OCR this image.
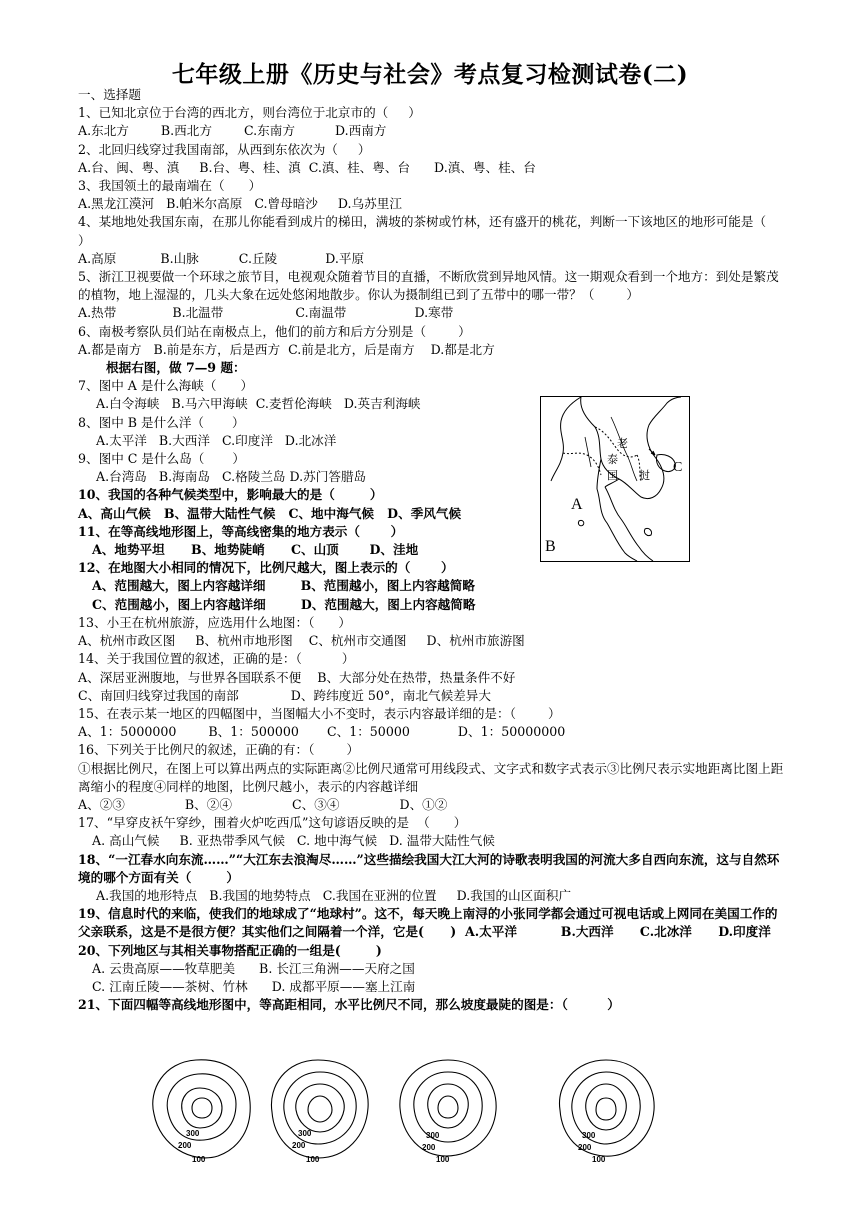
七年级上册《历史与社会》考点复习检测试卷(二)

一、选择题

1、已知北京位于台湾的西北方，则台湾位于北京市的（     ）

A.东北方        B.西北方        C.东南方          D.西南方

2、北回归线穿过我国南部，从西到东依次为（     ）

A.台、闽、粤、滇     B.台、粤、桂、滇  C.滇、桂、粤、台      D.滇、粤、桂、台

3、我国领土的最南端在（      ）

A.黑龙江漠河   B.帕米尔高原   C.曾母暗沙     D.乌苏里江

4、某地地处我国东南，在那儿你能看到成片的梯田，满坡的茶树或竹林，还有盛开的桃花，判断一下该地区的地形可能是（     ）

A.高原           B.山脉          C.丘陵            D.平原

5、浙江卫视要做一个环球之旅节目，电视观众随着节目的直播，不断欣赏到异地风情。这一期观众看到一个地方：到处是繁茂的植物，地上湿湿的，几头大象在远处悠闲地散步。你认为摄制组已到了五带中的哪一带？（        ）

A.热带              B.北温带                  C.南温带                 D.寒带

6、南极考察队员们站在南极点上，他们的前方和后方分别是（        ）

A.都是南方   B.前是东方，后是西方  C.前是北方，后是南方    D.都是北方

根据右图，做 7—9 题：

7、图中 A 是什么海峡（      ）

A.白令海峡   B.马六甲海峡  C.麦哲伦海峡   D.英吉利海峡

8、图中 B 是什么洋（       ）

A.太平洋   B.大西洋   C.印度洋   D.北冰洋

9、图中 C 是什么岛（       ）

A.台湾岛   B.海南岛   C.格陵兰岛 D.苏门答腊岛

10、我国的各种气候类型中，影响最大的是（        ）

A、高山气候   B、温带大陆性气候   C、地中海气候   D、季风气候

11、在等高线地形图上，等高线密集的地方表示（       ）

A、地势平坦      B、地势陡峭      C、山顶       D、洼地

12、在地图大小相同的情况下，比例尺越大，图上表示的（       ）

A、范围越大，图上内容越详细        B、范围越小，图上内容越简略

C、范围越小，图上内容越详细        D、范围越大，图上内容越简略

13、小王在杭州旅游，应选用什么地图：（      ）

A、杭州市政区图     B、杭州市地形图    C、杭州市交通图     D、杭州市旅游图

14、关于我国位置的叙述，正确的是：（          ）

A、深居亚洲腹地，与世界各国联系不便    B、大部分处在热带，热量条件不好

C、南回归线穿过我国的南部             D、跨纬度近 50°，南北气候差异大

15、在表示某一地区的四幅图中，当图幅大小不变时，表示内容最详细的是：（        ）

A、1：5000000        B、1：500000       C、1：50000            D、1：50000000

16、下列关于比例尺的叙述，正确的有：（        ）

①根据比例尺，在图上可以算出两点的实际距离②比例尺通常可用线段式、文字式和数字式表示③比例尺表示实地距离比图上距离缩小的程度④同样的地图，比例尺越小，表示的内容越详细

A、②③               B、②④               C、③④               D、①②

17、“早穿皮袄午穿纱，围着火炉吃西瓜”这句谚语反映的是  （      ）

A. 高山气候     B. 亚热带季风气候   C. 地中海气候   D. 温带大陆性气候

18、“一江春水向东流……”“大江东去浪淘尽……”这些描绘我国大江大河的诗歌表明我国的河流大多自西向东流，这与自然环境的哪个方面有关（        ）

A.我国的地形特点   B.我国的地势特点   C.我国在亚洲的位置     D.我国的山区面积广

19、信息时代的来临，使我们的地球成了“地球村”。这不，每天晚上南浔的小张同学都会通过可视电话或上网同在美国工作的父亲联系，这是不是很方便？其实他们之间隔着一个洋，它是(      )  A.太平洋          B.大西洋      C.北冰洋      D.印度洋

20、下列地区与其相关事物搭配正确的一组是(        )

A. 云贵高原——牧草肥美      B. 长江三角洲——天府之国

C. 江南丘陵——茶树、竹林      D. 成都平原——塞上江南

21、下面四幅等高线地形图中，等高距相同，水平比例尺不同，那么坡度最陡的图是：（         ）

A
B
C
老
泰
国 挝
300
200
100
300
200
100
300
200
100
300
200
100
